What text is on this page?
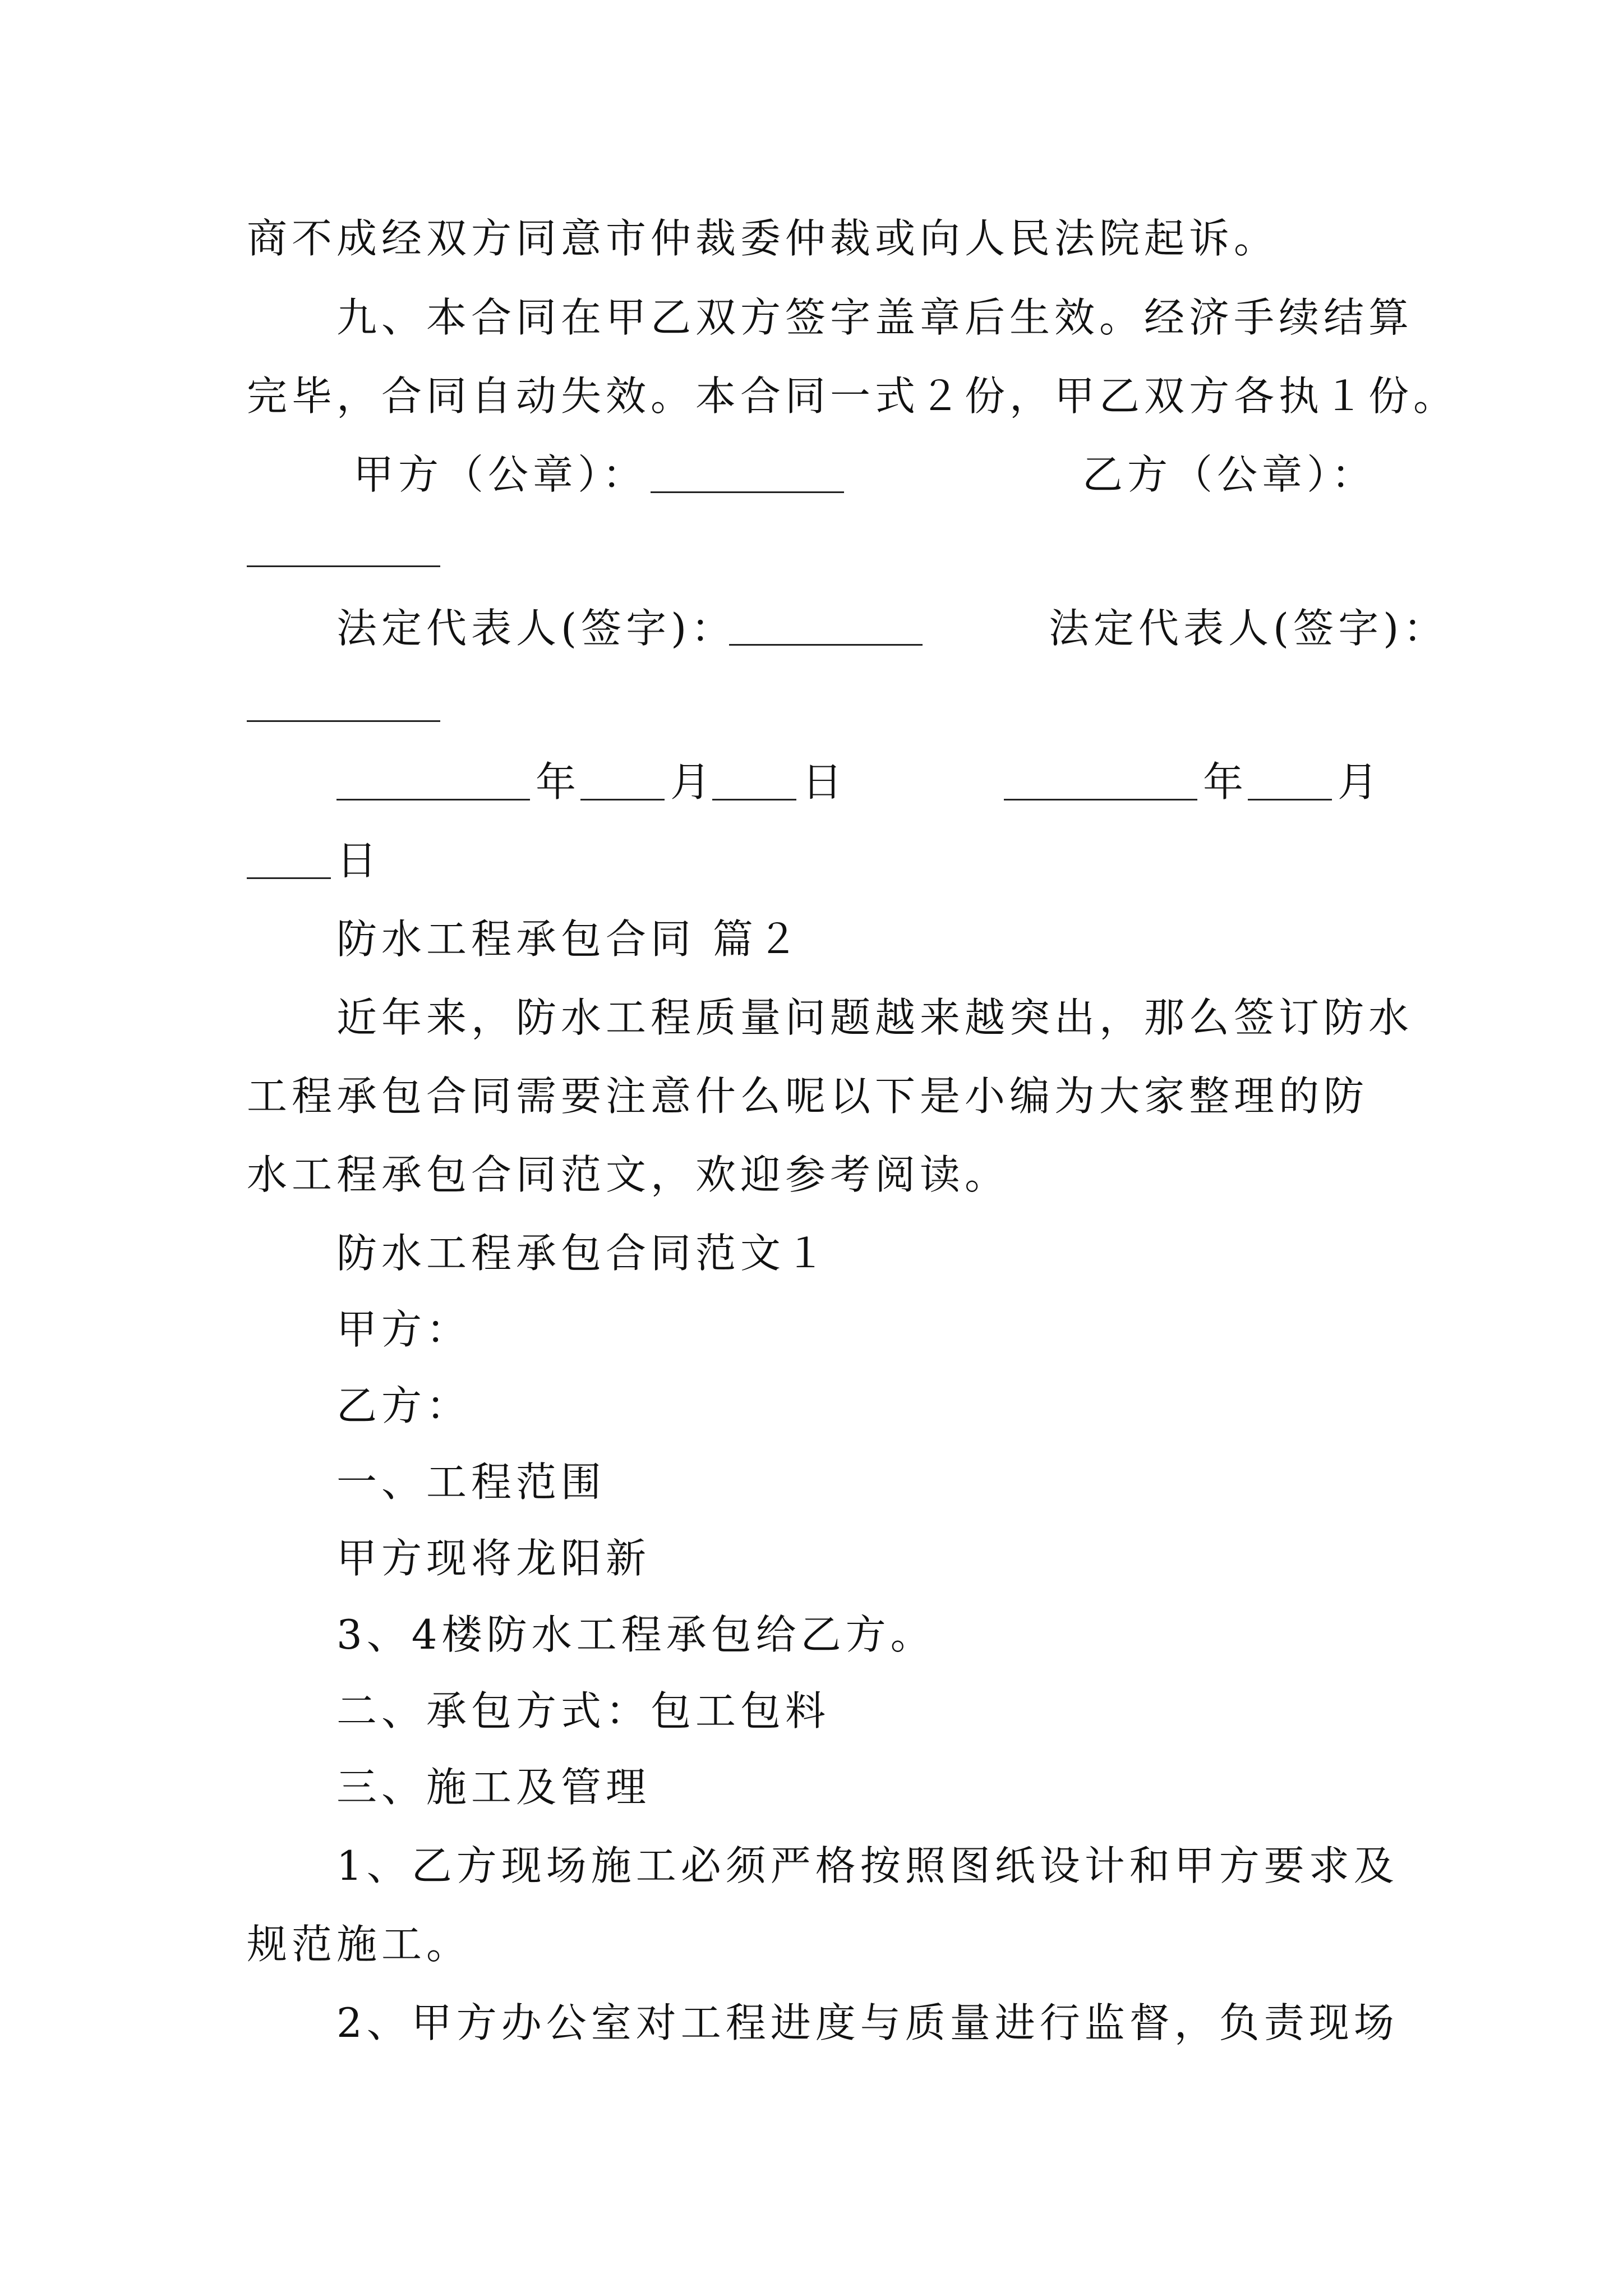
商不成经双方同意市仲裁委仲裁或向人民法院起诉。
九、本合同在甲乙双方签字盖章后生效。经济手续结算
完毕，合同自动失效。本合同一式２份，甲乙双方各执１份。
甲方（公章）：	乙方（公章）：
法定代表人(签字)：	法定代表人(签字)：
年 月 日	年 月
日
防水工程承包合同 篇２
近年来，防水工程质量问题越来越突出，那么签订防水
工程承包合同需要注意什么呢以下是小编为大家整理的防
水工程承包合同范文，欢迎参考阅读。
防水工程承包合同范文１
甲方：
乙方：
一、工程范围
甲方现将龙阳新
3、4楼防水工程承包给乙方。
二、承包方式：包工包料
三、施工及管理
1、乙方现场施工必须严格按照图纸设计和甲方要求及
规范施工。
2、甲方办公室对工程进度与质量进行监督，负责现场
